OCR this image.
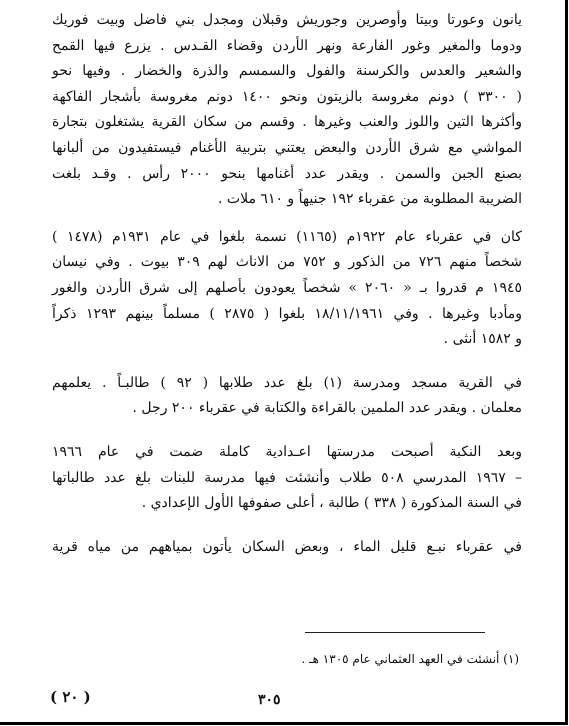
يانون وعورتا وبيتا وأوصرين وجوريش وقبلان ومجدل بني فاضل وبيت فوريك
ودوما والمغير وغور الفارعة ونهر الأردن وقضاء القـدس . يزرع فيها القمح
والشعير والعدس والكرسنة والفول والسمسم والذرة والخضار . وفيها نحو
( ٣٣٠٠ ) دونم مغروسة بالزيتون ونحو ١٤٠٠ دونم مغروسة بأشجار الفاكهة
وأكثرها التين واللوز والعنب وغيرها . وقسم من سكان القرية يشتغلون بتجارة
المواشي مع شرق الأردن والبعض يعتني بتربية الأغنام فيستفيدون من ألبانها
بصنع الجبن والسمن . ويقدر عدد أغنامها بنحو ٢٠٠٠ رأس . وقـد بلغت
الضريبة المطلوبة من عقرباء ١٩٢ جنيهاً و ٦١٠ ملات .

كان في عقرباء عام ١٩٢٢م (١١٦٥) نسمة بلغوا في عام ١٩٣١م (١٤٧٨ )
شخصاً منهم ٧٢٦ من الذكور و ٧٥٢ من الاناث لهم ٣٠٩ بيوت . وفي نيسان
١٩٤٥ م قدروا بـ « ٢٠٦٠ » شخصاً يعودون بأصلهم إلى شرق الأردن والغور
ومأدبا وغيرها . وفي ١٨/١١/١٩٦١ بلغوا ( ٢٨٧٥ ) مسلماً بينهم ١٢٩٣ ذكراً
و ١٥٨٢ أنثى .

في القرية مسجد ومدرسة (١) بلغ عدد طلابها ( ٩٢ ) طالبـاً . يعلمهم
معلمان . ويقدر عدد الملمين بالقراءة والكتابة في عقرباء ٢٠٠ رجل .

وبعد النكبة أصبحت مدرستها اعـدادية كاملة ضمت في عام ١٩٦٦
– ١٩٦٧ المدرسي ٥٠٨ طلاب وأنشئت فيها مدرسة للبنات بلغ عدد طالباتها
في السنة المذكورة ( ٣٣٨ ) طالبة ، أعلى صفوفها الأول الإعدادي .

في عقرباء نبـع قليل الماء ، وبعض السكان يأتون بمياههم من مياه قرية

(١) أنشئت في العهد العثماني عام ١٣٠٥ هـ .
٣٠٥
( ٢٠ )
